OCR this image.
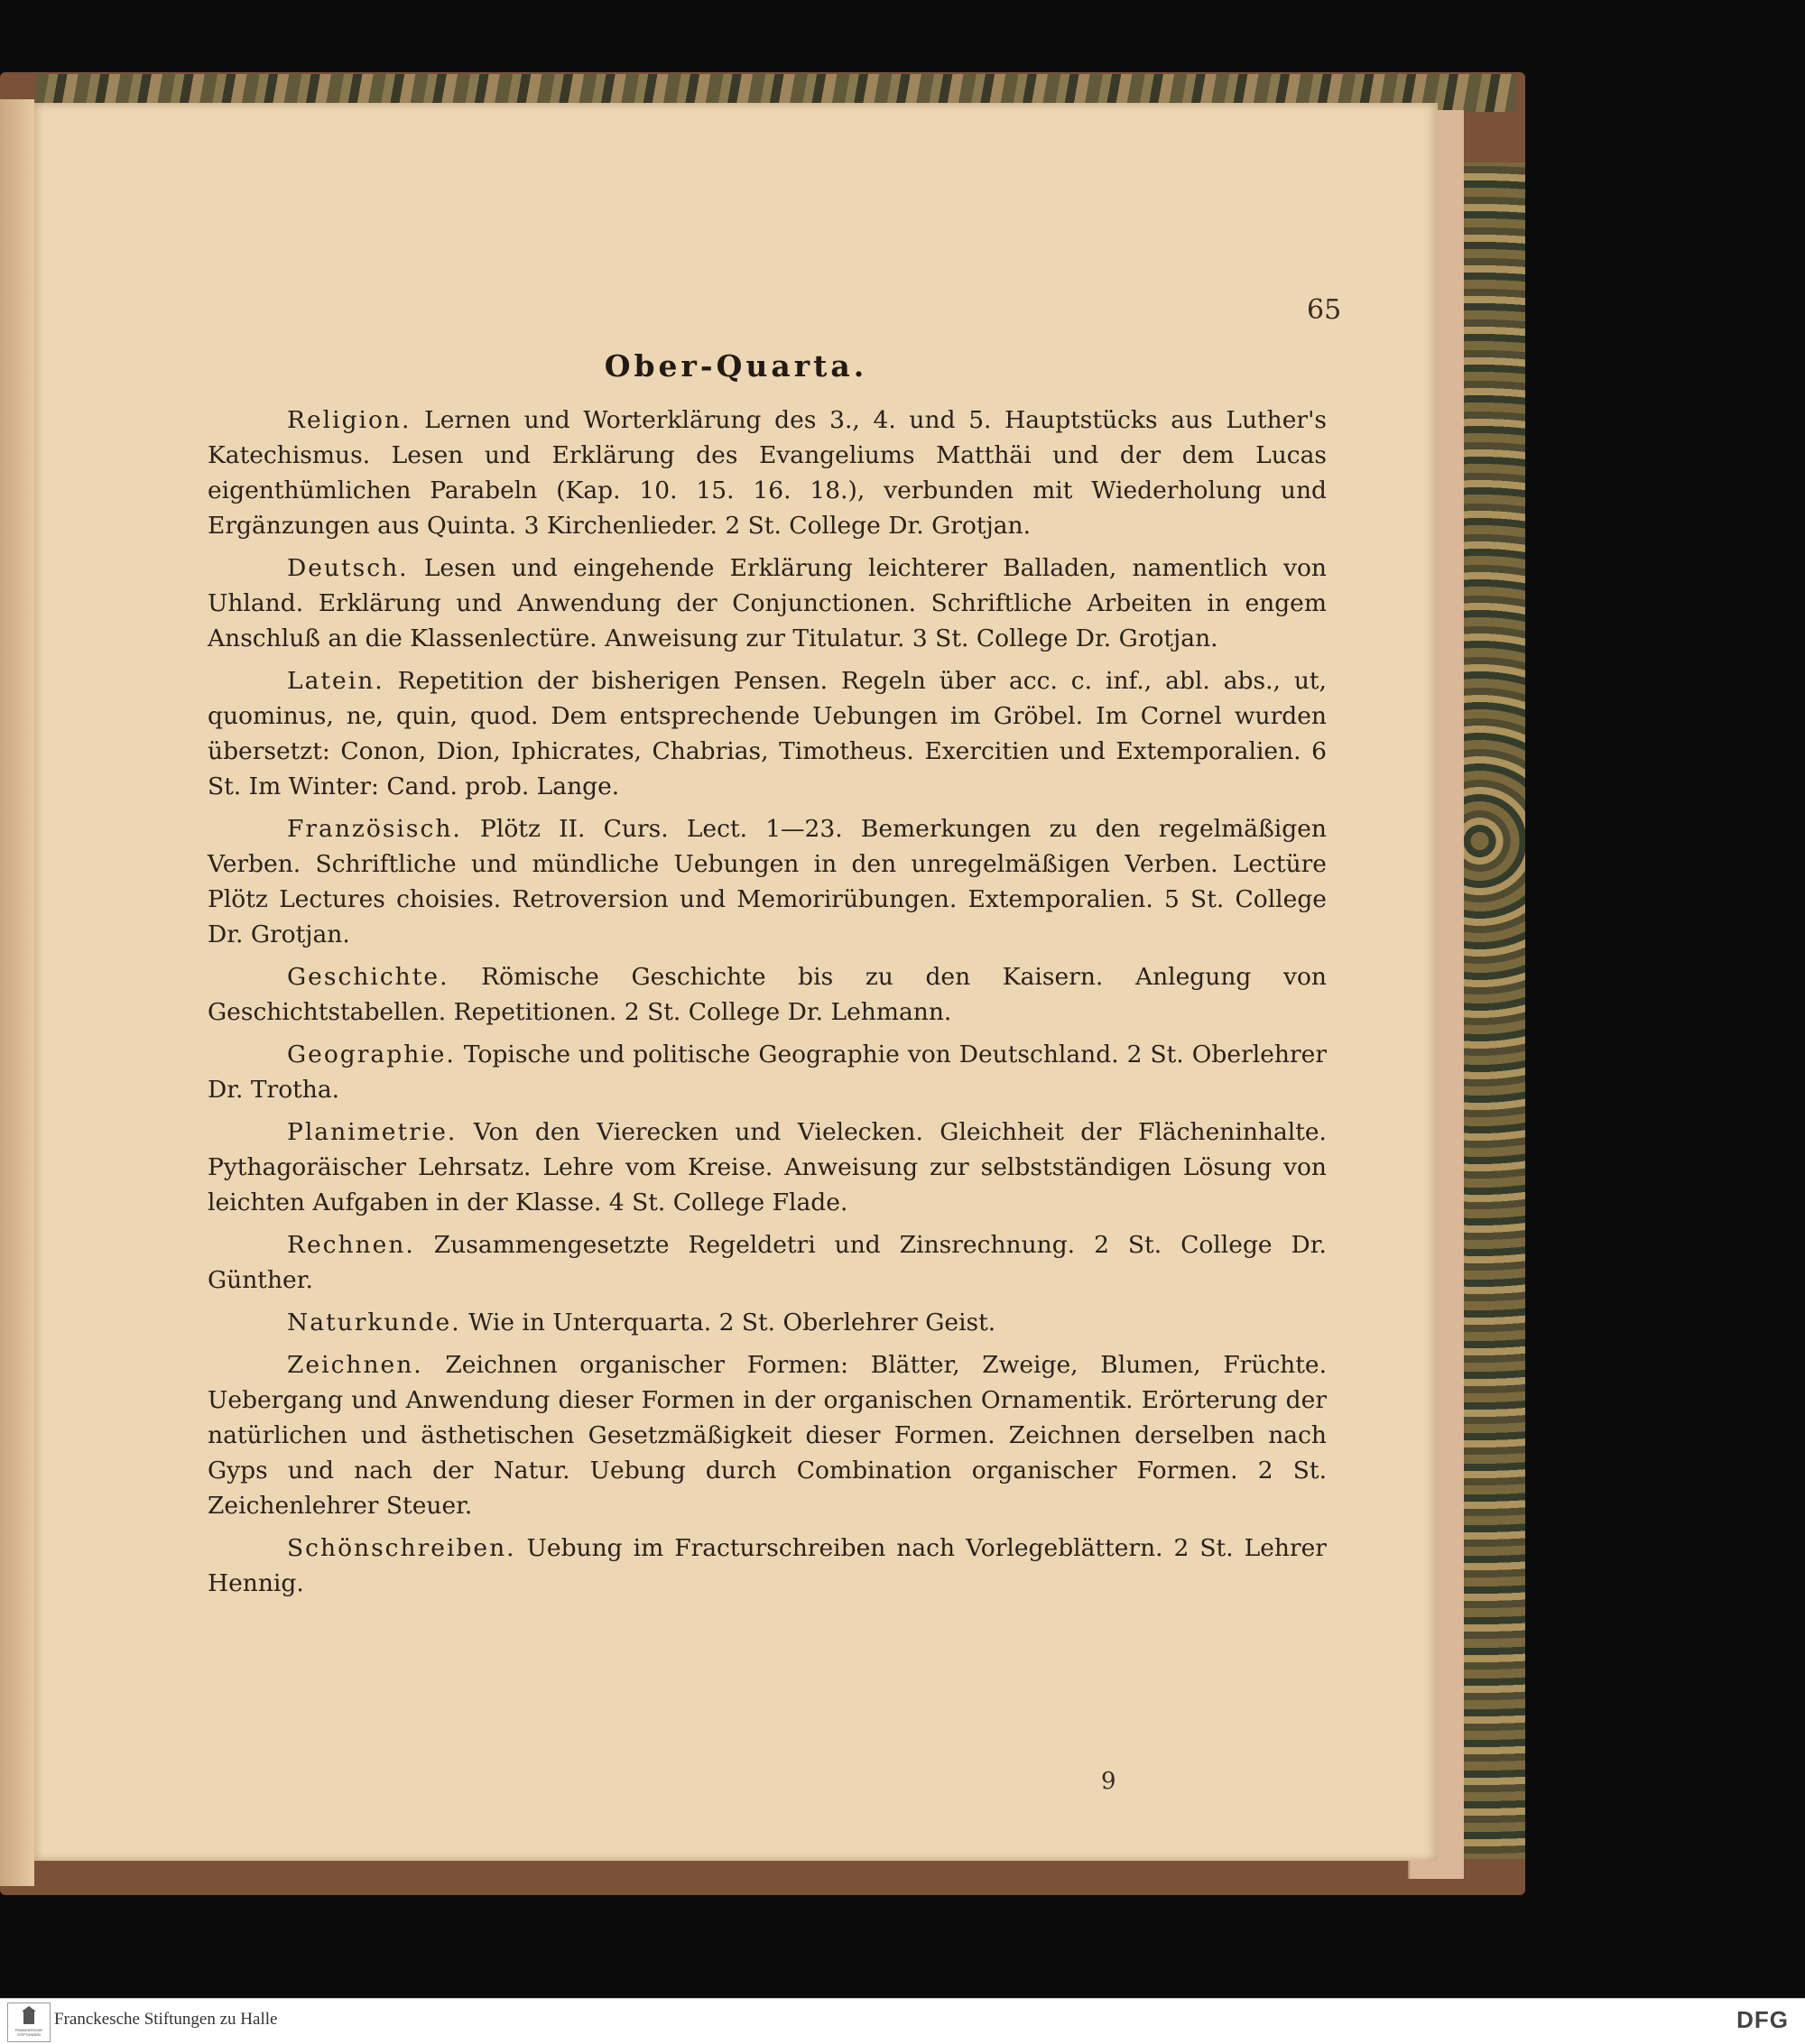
65
Ober-Quarta.

Religion. Lernen und Worterklärung des 3., 4. und 5. Hauptstücks aus Luther's Katechismus. Lesen und Erklärung des Evangeliums Matthäi und der dem Lucas eigenthümlichen Parabeln (Kap. 10. 15. 16. 18.), verbunden mit Wiederholung und Ergänzungen aus Quinta. 3 Kirchenlieder. 2 St. College Dr. Grotjan.

Deutsch. Lesen und eingehende Erklärung leichterer Balladen, namentlich von Uhland. Erklärung und Anwendung der Conjunctionen. Schriftliche Arbeiten in engem Anschluß an die Klassenlectüre. Anweisung zur Titulatur. 3 St. College Dr. Grotjan.

Latein. Repetition der bisherigen Pensen. Regeln über acc. c. inf., abl. abs., ut, quominus, ne, quin, quod. Dem entsprechende Uebungen im Gröbel. Im Cornel wurden übersetzt: Conon, Dion, Iphicrates, Chabrias, Timotheus. Exercitien und Extemporalien. 6 St. Im Winter: Cand. prob. Lange.

Französisch. Plötz II. Curs. Lect. 1—23. Bemerkungen zu den regelmäßigen Verben. Schriftliche und mündliche Uebungen in den unregelmäßigen Verben. Lectüre Plötz Lectures choisies. Retroversion und Memorirübungen. Extemporalien. 5 St. College Dr. Grotjan.

Geschichte. Römische Geschichte bis zu den Kaisern. Anlegung von Geschichtstabellen. Repetitionen. 2 St. College Dr. Lehmann.

Geographie. Topische und politische Geographie von Deutschland. 2 St. Oberlehrer Dr. Trotha.

Planimetrie. Von den Vierecken und Vielecken. Gleichheit der Flächeninhalte. Pythagoräischer Lehrsatz. Lehre vom Kreise. Anweisung zur selbstständigen Lösung von leichten Aufgaben in der Klasse. 4 St. College Flade.

Rechnen. Zusammengesetzte Regeldetri und Zinsrechnung. 2 St. College Dr. Günther.

Naturkunde. Wie in Unterquarta. 2 St. Oberlehrer Geist.

Zeichnen. Zeichnen organischer Formen: Blätter, Zweige, Blumen, Früchte. Uebergang und Anwendung dieser Formen in der organischen Ornamentik. Erörterung der natürlichen und ästhetischen Gesetzmäßigkeit dieser Formen. Zeichnen derselben nach Gyps und nach der Natur. Uebung durch Combination organischer Formen. 2 St. Zeichenlehrer Steuer.

Schönschreiben. Uebung im Fracturschreiben nach Vorlegeblättern. 2 St. Lehrer Hennig.

9
FRANCKESCHE
STIFTUNGEN
Franckesche Stiftungen zu Halle	DFG
